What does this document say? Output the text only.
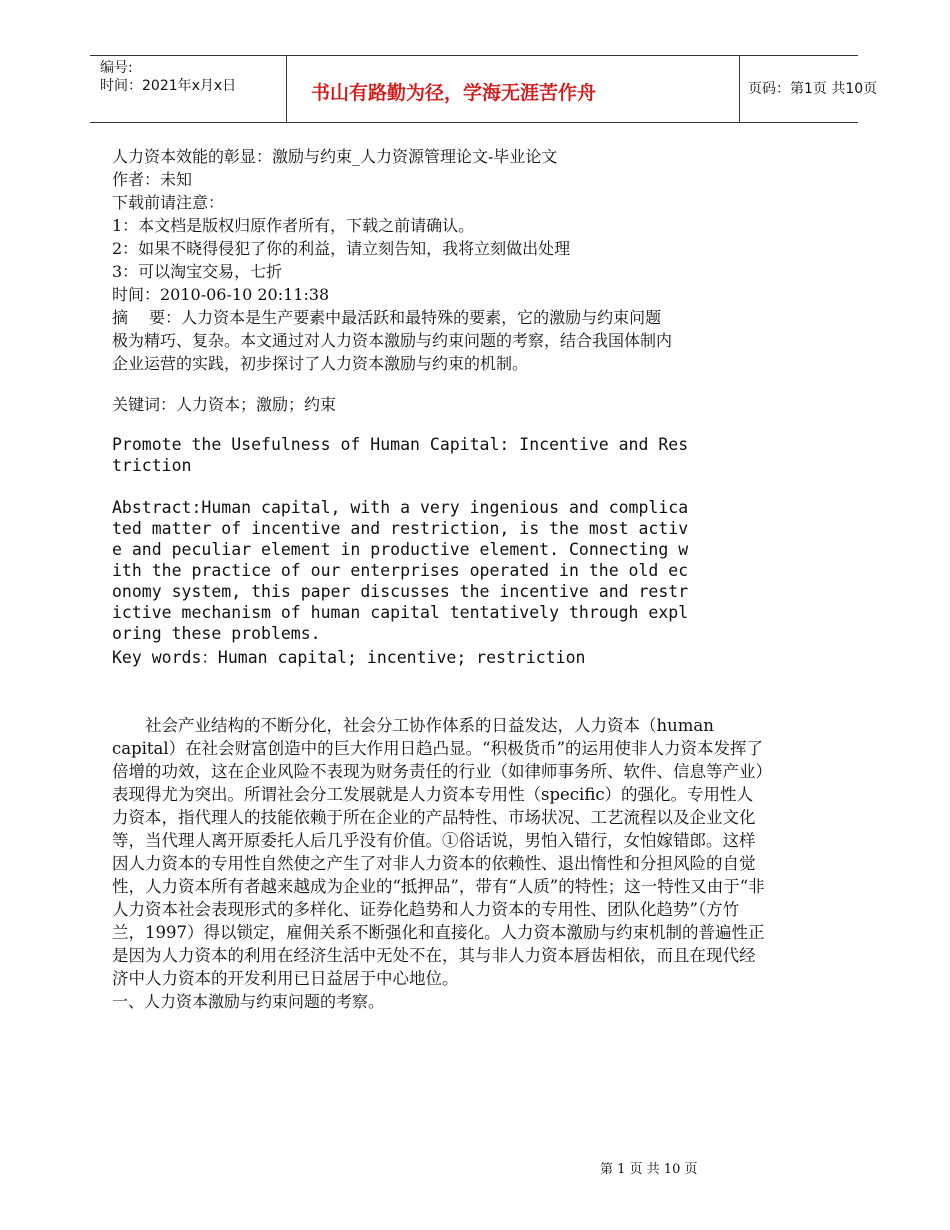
编号:
时间：2021年x月x日	书山有路勤为径，学海无涯苦作舟	页码：第1页 共10页
人力资本效能的彰显：激励与约束_人力资源管理论文-毕业论文
作者：未知
下载前请注意：
1：本文档是版权归原作者所有，下载之前请确认。
2：如果不晓得侵犯了你的利益，请立刻告知，我将立刻做出处理
3：可以淘宝交易，七折
时间：2010-06-10 20:11:38
摘　 要：人力资本是生产要素中最活跃和最特殊的要素，它的激励与约束问题
极为精巧、复杂。本文通过对人力资本激励与约束问题的考察，结合我国体制内
企业运营的实践，初步探讨了人力资本激励与约束的机制。
关键词：人力资本；激励；约束
Promote the Usefulness of Human Capital: Incentive and Res
triction
Abstract:Human capital, with a very ingenious and complica
ted matter of incentive and restriction, is the most activ
e and peculiar element in productive element. Connecting w
ith the practice of our enterprises operated in the old ec
onomy system, this paper discusses the incentive and restr
ictive mechanism of human capital tentatively through expl
oring these problems.
Key words：Human capital; incentive; restriction
　　社会产业结构的不断分化，社会分工协作体系的日益发达，人力资本（human capital）在社会财富创造中的巨大作用日趋凸显。“积极货币”的运用使非人力资本发挥了倍增的功效，这在企业风险不表现为财务责任的行业（如律师事务所、软件、信息等产业）表现得尤为突出。所谓社会分工发展就是人力资本专用性（specific）的强化。专用性人力资本，指代理人的技能依赖于所在企业的产品特性、市场状况、工艺流程以及企业文化等，当代理人离开原委托人后几乎没有价值。①俗话说，男怕入错行，女怕嫁错郎。这样因人力资本的专用性自然使之产生了对非人力资本的依赖性、退出惰性和分担风险的自觉性，人力资本所有者越来越成为企业的“抵押品”，带有“人质”的特性；这一特性又由于“非人力资本社会表现形式的多样化、证券化趋势和人力资本的专用性、团队化趋势”（方竹兰，1997）得以锁定，雇佣关系不断强化和直接化。人力资本激励与约束机制的普遍性正是因为人力资本的利用在经济生活中无处不在，其与非人力资本唇齿相依，而且在现代经济中人力资本的开发利用已日益居于中心地位。
一、人力资本激励与约束问题的考察。
第 1 页 共 10 页
